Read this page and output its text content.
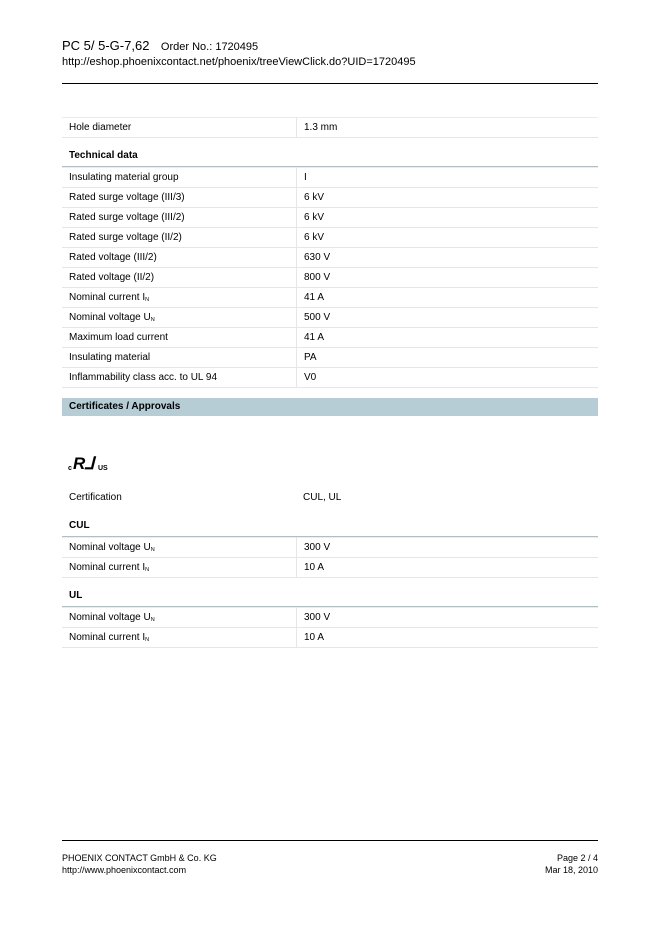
PC 5/ 5-G-7,62 Order No.: 1720495
http://eshop.phoenixcontact.net/phoenix/treeViewClick.do?UID=1720495
Hole diameter	1.3 mm
Technical data
Insulating material group	I
Rated surge voltage (III/3)	6 kV
Rated surge voltage (III/2)	6 kV
Rated surge voltage (II/2)	6 kV
Rated voltage (III/2)	630 V
Rated voltage (II/2)	800 V
Nominal current $I_N$	41 A
Nominal voltage $U_N$	500 V
Maximum load current	41 A
Insulating material	PA
Inflammability class acc. to UL 94	V0
Certificates / Approvals
c R
ᒧ US
Certification	CUL, UL
CUL
Nominal voltage $U_N$	300 V
Nominal current $I_N$	10 A
UL
Nominal voltage $U_N$	300 V
Nominal current $I_N$	10 A
PHOENIX CONTACT GmbH & Co. KG
http://www.phoenixcontact.com
Page 2 / 4
Mar 18, 2010
